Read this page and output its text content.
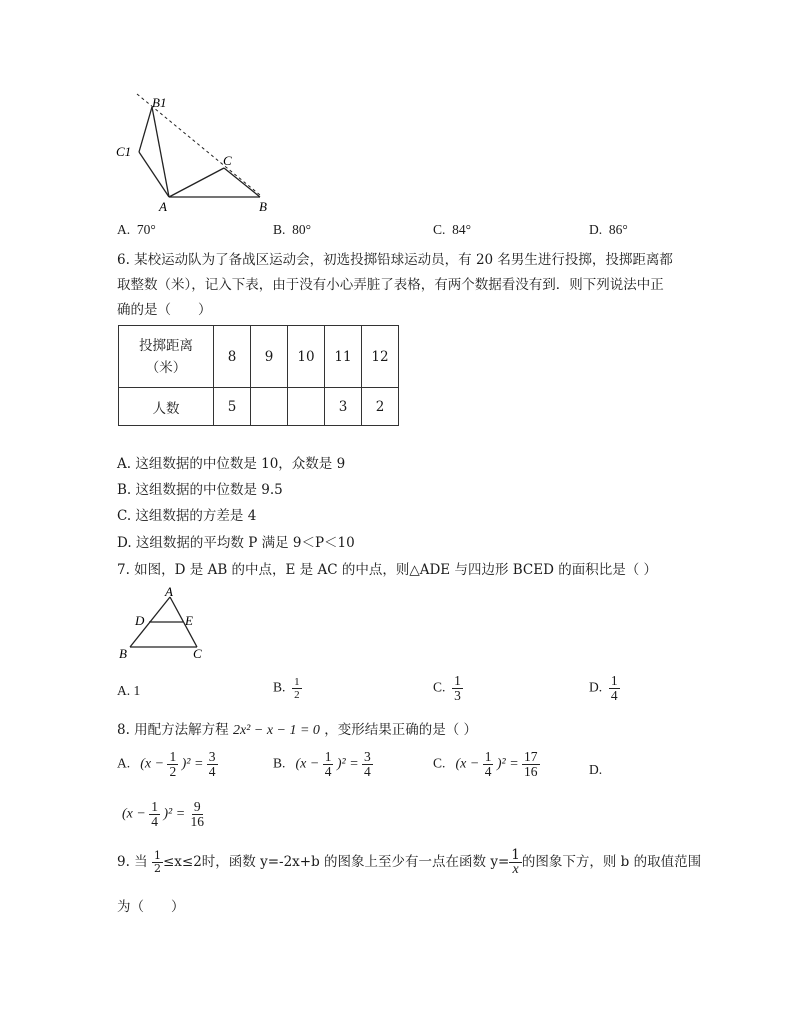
B1
C1
C
A	B
A. 70°	B. 80°	C. 84°	D. 86°
6. 某校运动队为了备战区运动会，初选投掷铅球运动员，有 20 名男生进行投掷，投掷距离都
取整数（米），记入下表，由于没有小心弄脏了表格，有两个数据看没有到．则下列说法中正
确的是（　　）
投掷距离
（米）	8	9	10	11	12
人数	5			3	2
A. 这组数据的中位数是 10，众数是 9
B. 这组数据的中位数是 9.5
C. 这组数据的方差是 4
D. 这组数据的平均数 P 满足 9＜P＜10
7. 如图，D 是 AB 的中点，E 是 AC 的中点，则△ADE 与四边形 BCED 的面积比是（ ）
A
D	E
B	C
A. 1	B. $\frac{1}{2}$	C. $\frac{1}{3}$	D. $\frac{1}{4}$
8. 用配方法解方程 2x² − x − 1 = 0 ，变形结果正确的是（ ）
A. $(x - \frac{1}{2} )^2 = \frac{3}{4}$	B. $(x - \frac{1}{4} )^2 = \frac{3}{4}$	C. $(x - \frac{1}{4} )^2 = \frac{17}{16}$	D.
$(x - \frac{1}{4} )^2 = \frac{9}{16}$
9. 当 $\frac{1}{2} \le x\le 2$时，函数 y=-2x+b 的图象上至少有一点在函数 $y= \frac{1}{x}$ 的图象下方，则 b 的取值范围
为（　　）
